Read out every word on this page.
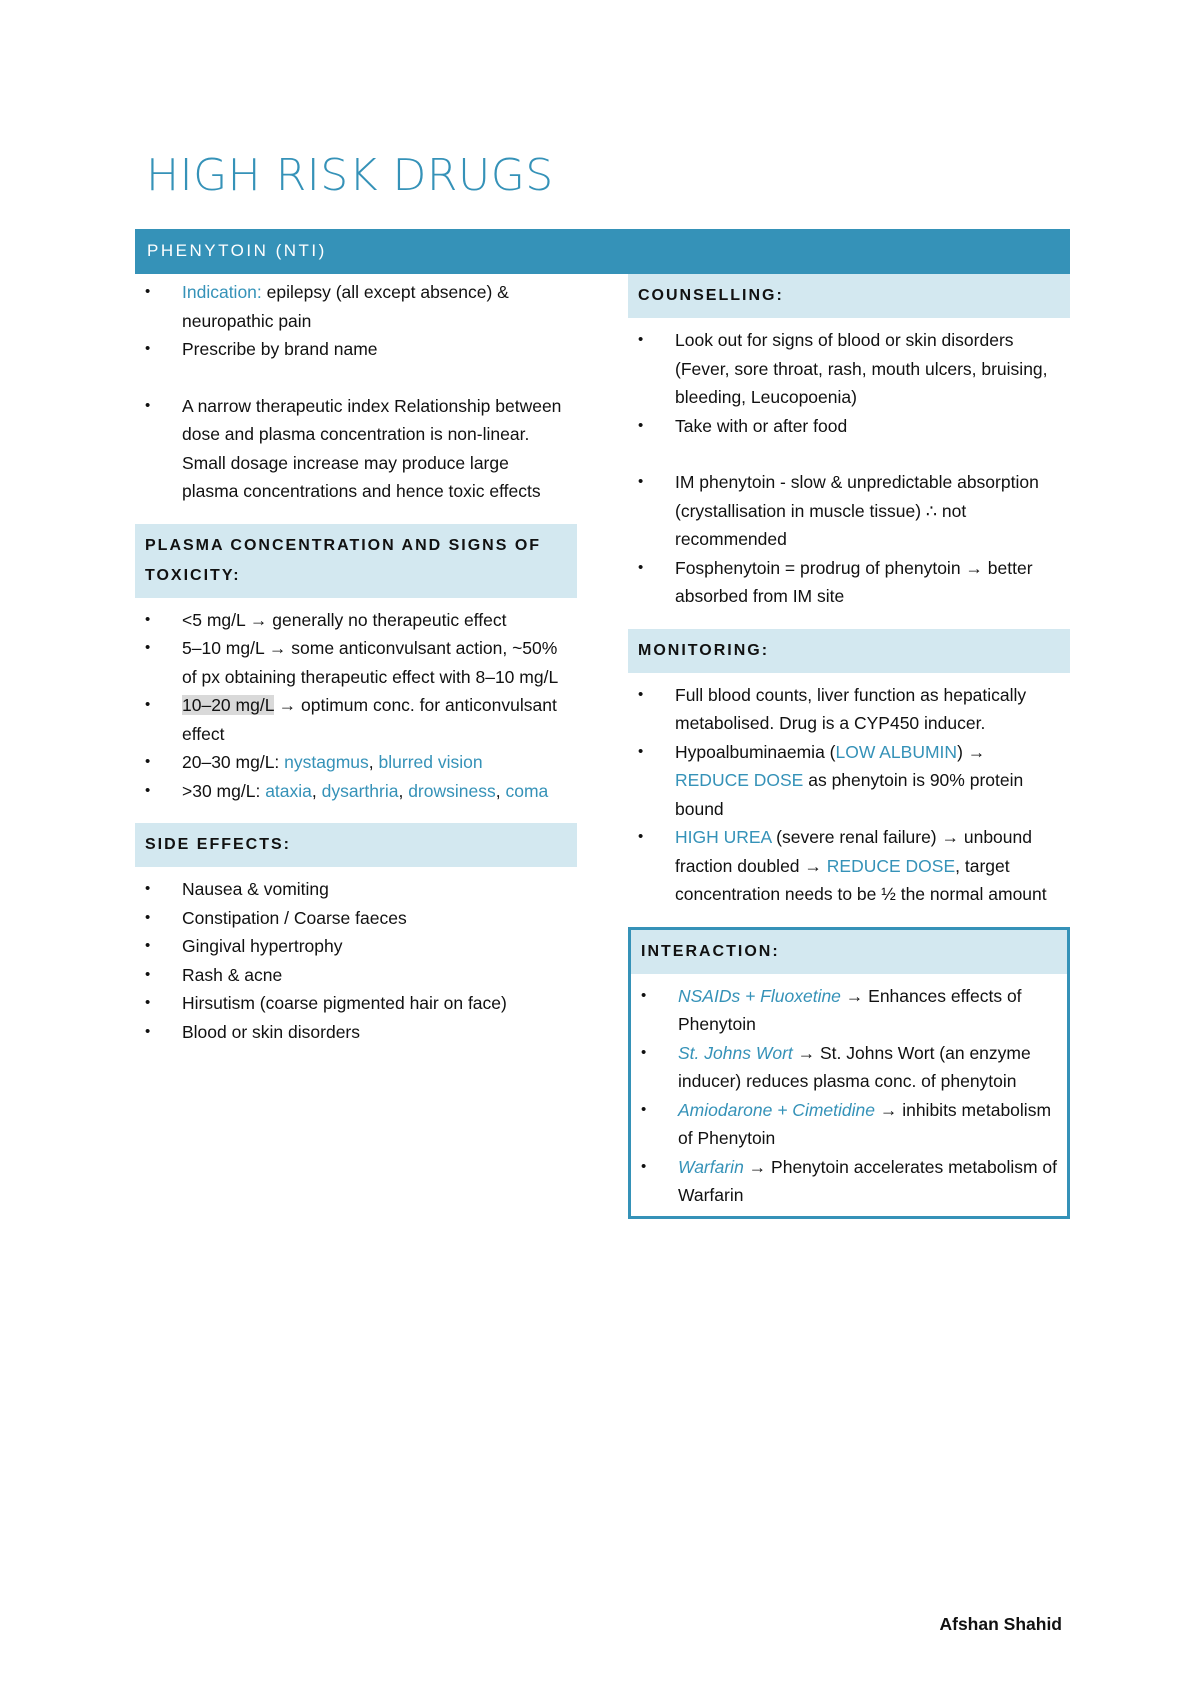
HIGH RISK DRUGS
PHENYTOIN (NTI)
• Indication: epilepsy (all except absence) & neuropathic pain
• Prescribe by brand name
• A narrow therapeutic index Relationship between dose and plasma concentration is non-linear. Small dosage increase may produce large plasma concentrations and hence toxic effects
PLASMA CONCENTRATION AND SIGNS OF TOXICITY:
• <5 mg/L → generally no therapeutic effect
• 5–10 mg/L → some anticonvulsant action, ~50% of px obtaining therapeutic effect with 8–10 mg/L
• 10–20 mg/L → optimum conc. for anticonvulsant effect
• 20–30 mg/L: nystagmus, blurred vision
• >30 mg/L: ataxia, dysarthria, drowsiness, coma
SIDE EFFECTS:
• Nausea & vomiting
• Constipation / Coarse faeces
• Gingival hypertrophy
• Rash & acne
• Hirsutism (coarse pigmented hair on face)
• Blood or skin disorders
COUNSELLING:
• Look out for signs of blood or skin disorders (Fever, sore throat, rash, mouth ulcers, bruising, bleeding, Leucopoenia)
• Take with or after food
• IM phenytoin - slow & unpredictable absorption (crystallisation in muscle tissue) ∴ not recommended
• Fosphenytoin = prodrug of phenytoin → better absorbed from IM site
MONITORING:
• Full blood counts, liver function as hepatically metabolised. Drug is a CYP450 inducer.
• Hypoalbuminaemia (LOW ALBUMIN) → REDUCE DOSE as phenytoin is 90% protein bound
• HIGH UREA (severe renal failure) → unbound fraction doubled → REDUCE DOSE, target concentration needs to be ½ the normal amount
INTERACTION:
• NSAIDs + Fluoxetine → Enhances effects of Phenytoin
• St. Johns Wort → St. Johns Wort (an enzyme inducer) reduces plasma conc. of phenytoin
• Amiodarone + Cimetidine → inhibits metabolism of Phenytoin
• Warfarin → Phenytoin accelerates metabolism of Warfarin
Afshan Shahid
